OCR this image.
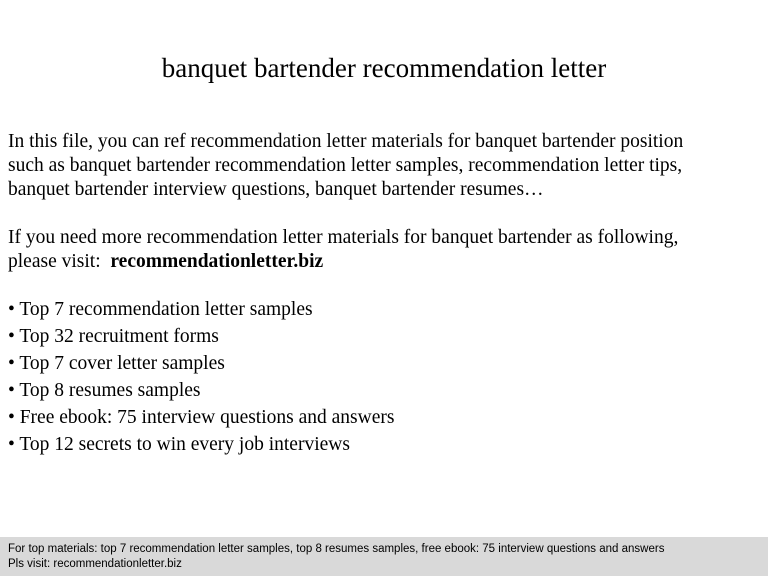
banquet bartender recommendation letter

In this file, you can ref recommendation letter materials for banquet bartender position
such as banquet bartender recommendation letter samples, recommendation letter tips,
banquet bartender interview questions, banquet bartender resumes…

If you need more recommendation letter materials for banquet bartender as following,
please visit: recommendationletter.biz

• Top 7 recommendation letter samples
• Top 32 recruitment forms
• Top 7 cover letter samples
• Top 8 resumes samples
• Free ebook: 75 interview questions and answers
• Top 12 secrets to win every job interviews
For top materials: top 7 recommendation letter samples, top 8 resumes samples, free ebook: 75 interview questions and answers
Pls visit: recommendationletter.biz
